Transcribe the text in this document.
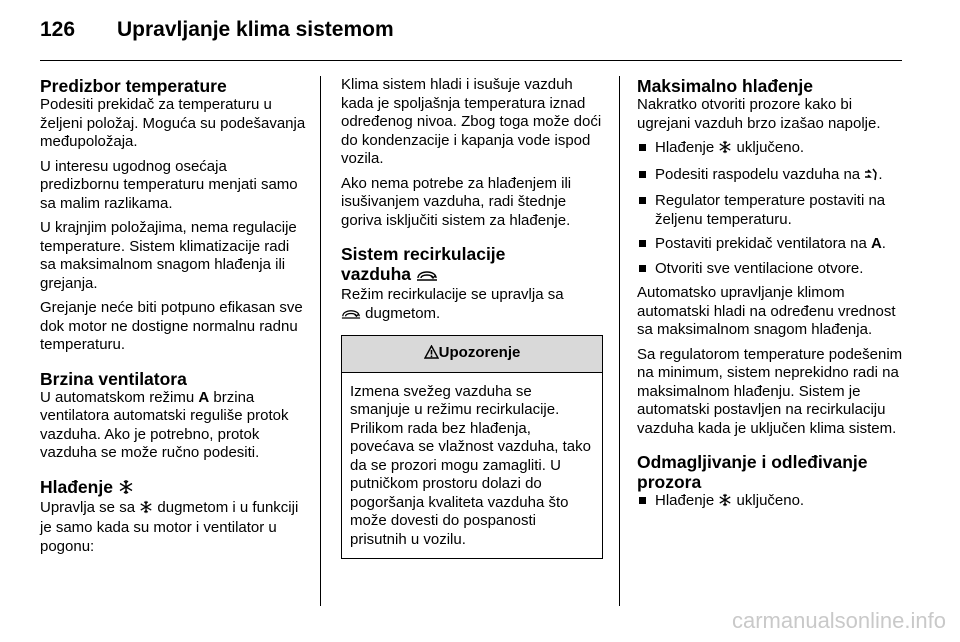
126	Upravljanje klima sistemom
Predizbor temperature

Podesiti prekidač za temperaturu u željeni položaj. Moguća su podešavanja međupoložaja.

U interesu ugodnog osećaja predizbornu temperaturu menjati samo sa malim razlikama.

U krajnjim položajima, nema regulacije temperature. Sistem klimatizacije radi sa maksimalnom snagom hlađenja ili grejanja.

Grejanje neće biti potpuno efikasan sve dok motor ne dostigne normalnu radnu temperaturu.

Brzina ventilatora

U automatskom režimu A brzina ventilatora automatski reguliše protok vazduha. Ako je potrebno, protok vazduha se može ručno podesiti.

Hlađenje

Upravlja se sa  dugmetom i u funkciji je samo kada su motor i ventilator u pogonu:

Klima sistem hladi i isušuje vazduh kada je spoljašnja temperatura iznad određenog nivoa. Zbog toga može doći do kondenzacije i kapanja vode ispod vozila.

Ako nema potrebe za hlađenjem ili isušivanjem vazduha, radi štednje goriva isključiti sistem za hlađenje.

Sistem recirkulacije
vazduha

Režim recirkulacije se upravlja sa
dugmetom.

Upozorenje
Izmena svežeg vazduha se smanjuje u režimu recirkulacije. Prilikom rada bez hlađenja, povećava se vlažnost vazduha, tako da se prozori mogu zamagliti. U putničkom prostoru dolazi do pogoršanja kvaliteta vazduha što može dovesti do pospanosti prisutnih u vozilu.
Maksimalno hlađenje

Nakratko otvoriti prozore kako bi ugrejani vazduh brzo izašao napolje.

Hlađenje  uključeno.
Podesiti raspodelu vazduha na .
Regulator temperature postaviti na željenu temperaturu.
Postaviti prekidač ventilatora na A.
Otvoriti sve ventilacione otvore.

Automatsko upravljanje klimom automatski hladi na određenu vrednost sa maksimalnom snagom hlađenja.

Sa regulatorom temperature podešenim na minimum, sistem neprekidno radi na maksimalnom hlađenju. Sistem je automatski postavljen na recirkulaciju vazduha kada je uključen klima sistem.

Odmagljivanje i odleđivanje prozora
Hlađenje  uključeno.
carmanualsonline.info
